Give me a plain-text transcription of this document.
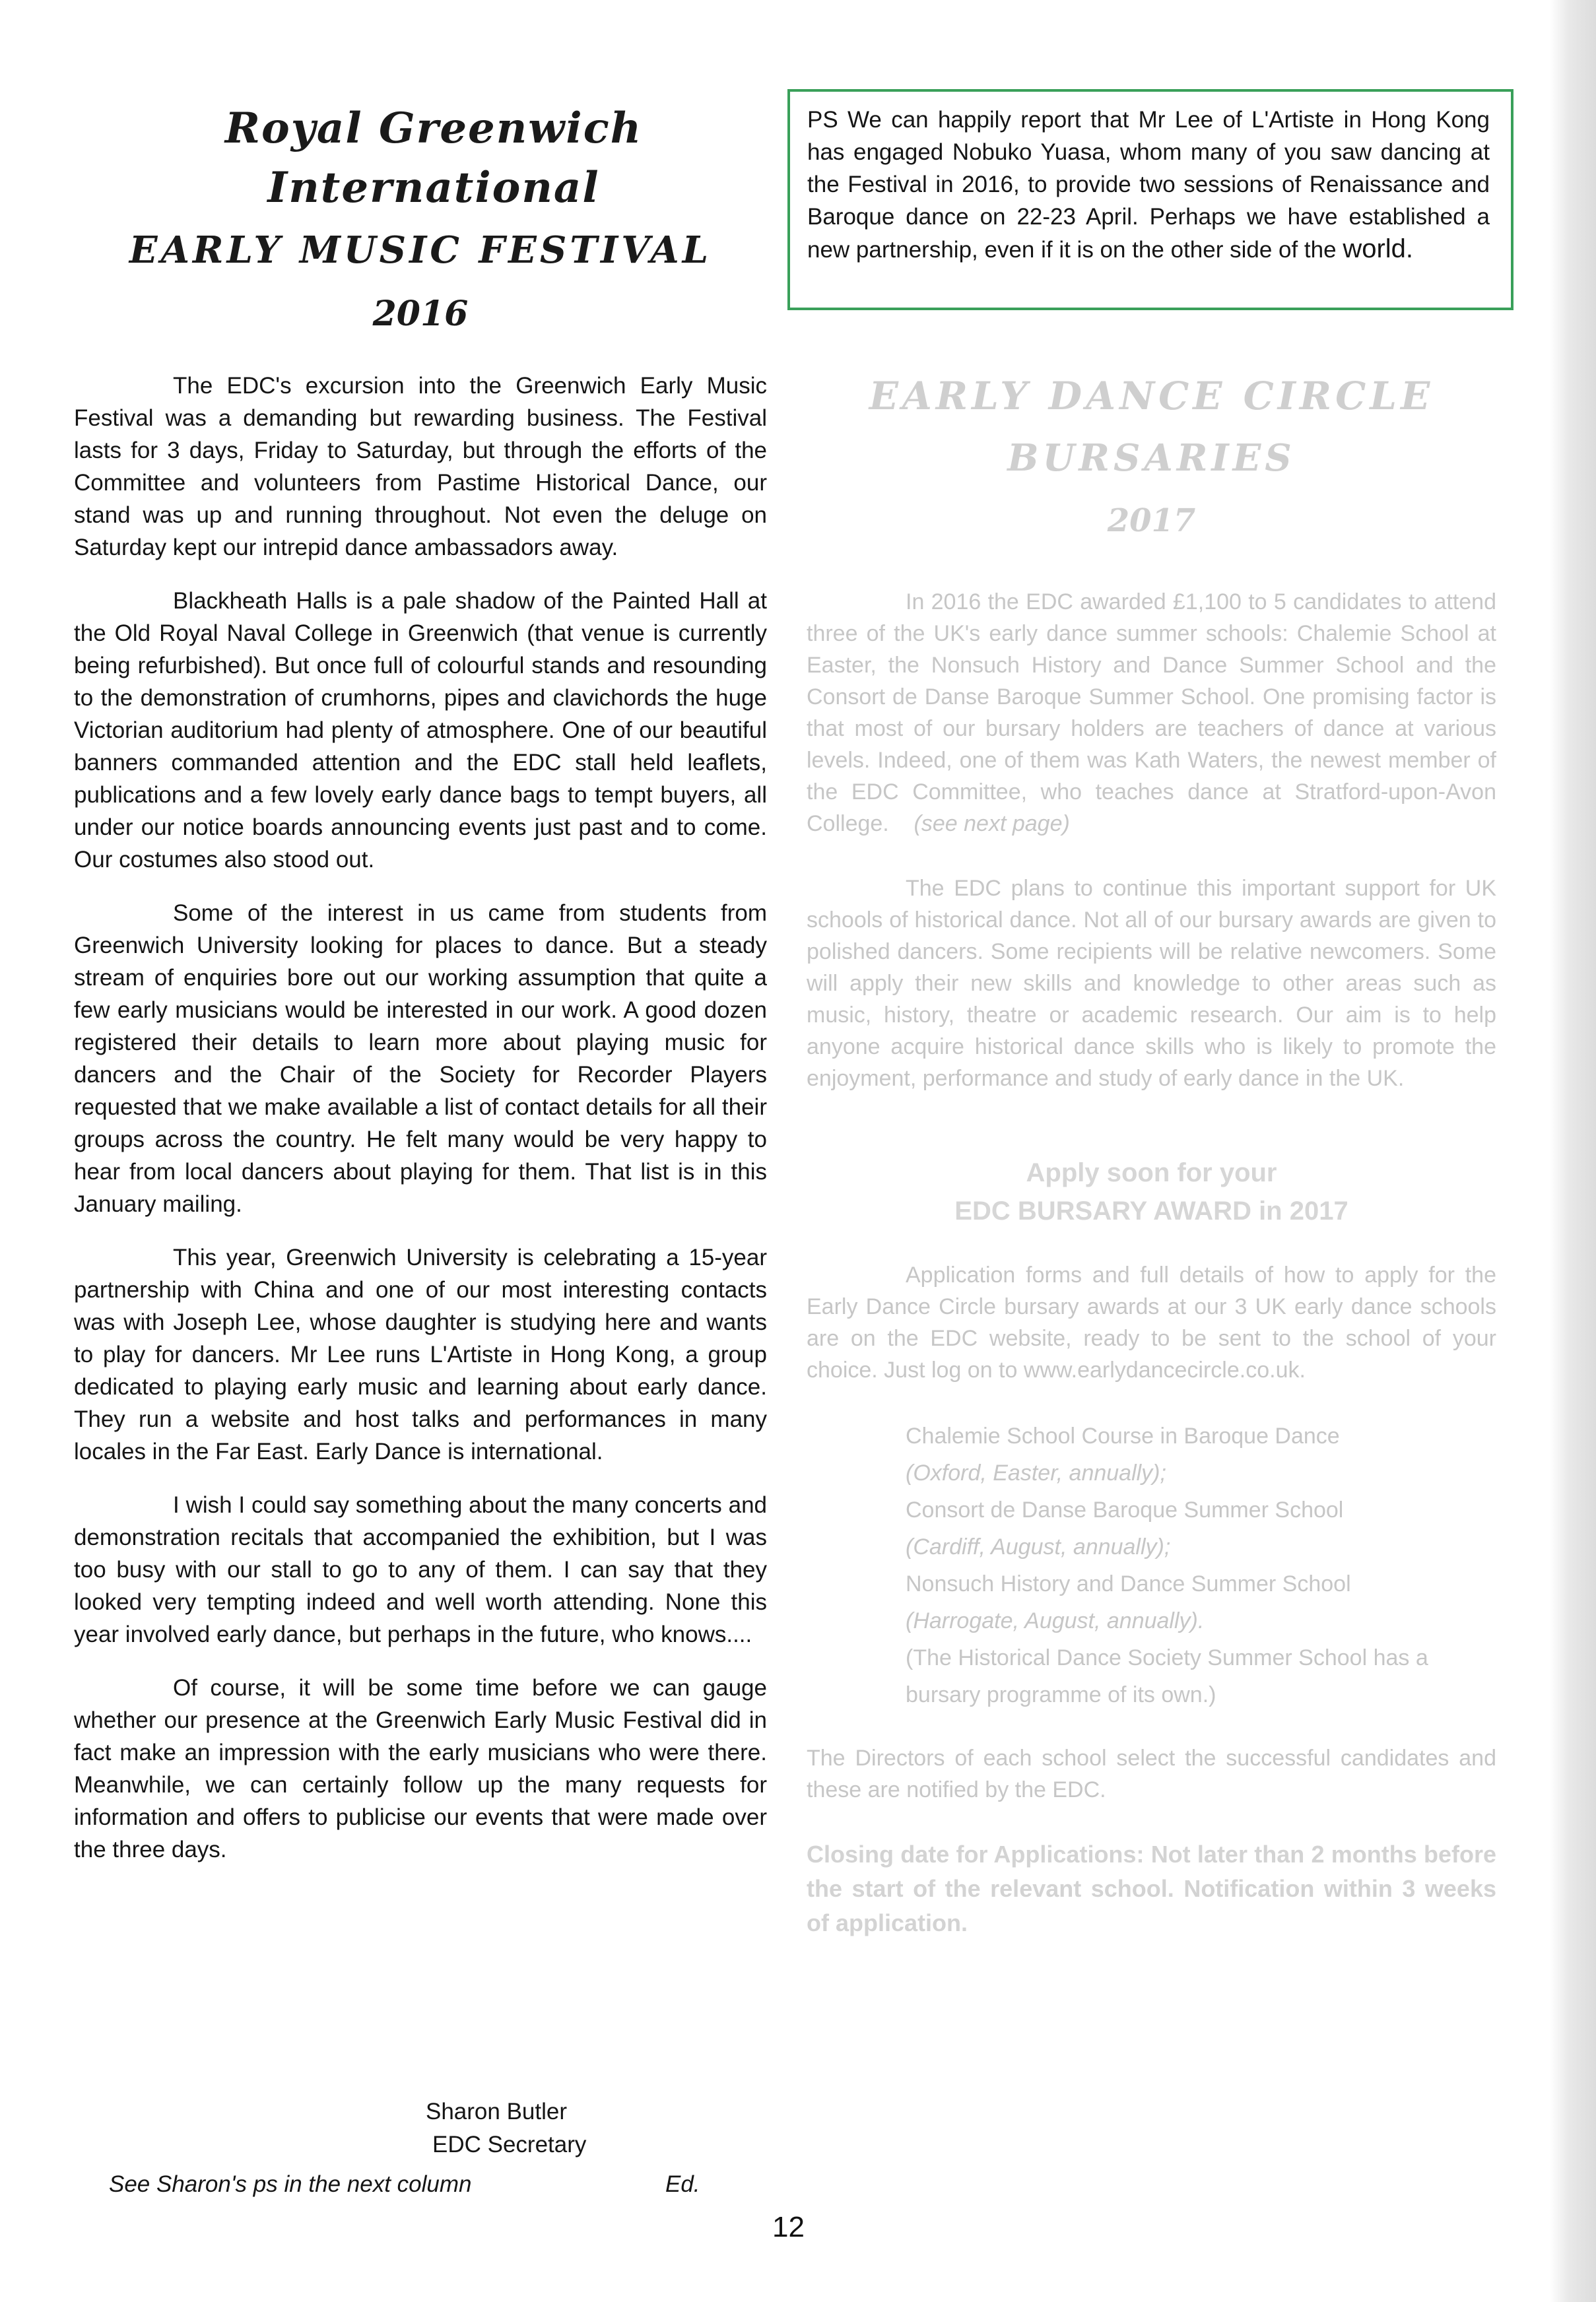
Royal Greenwich International
EARLY MUSIC FESTIVAL
2016

The EDC's excursion into the Greenwich Early Music Festival was a demanding but rewarding business. The Festival lasts for 3 days, Friday to Saturday, but through the efforts of the Committee and volunteers from Pastime Historical Dance, our stand was up and running throughout. Not even the deluge on Saturday kept our intrepid dance ambassadors away.

Blackheath Halls is a pale shadow of the Painted Hall at the Old Royal Naval College in Greenwich (that venue is currently being refurbished). But once full of colourful stands and resounding to the demonstration of crumhorns, pipes and clavichords the huge Victorian auditorium had plenty of atmosphere. One of our beautiful banners commanded attention and the EDC stall held leaflets, publications and a few lovely early dance bags to tempt buyers, all under our notice boards announcing events just past and to come. Our costumes also stood out.

Some of the interest in us came from students from Greenwich University looking for places to dance. But a steady stream of enquiries bore out our working assumption that quite a few early musicians would be interested in our work. A good dozen registered their details to learn more about playing music for dancers and the Chair of the Society for Recorder Players requested that we make available a list of contact details for all their groups across the country. He felt many would be very happy to hear from local dancers about playing for them. That list is in this January mailing.

This year, Greenwich University is celebrating a 15-year partnership with China and one of our most interesting contacts was with Joseph Lee, whose daughter is studying here and wants to play for dancers. Mr Lee runs L'Artiste in Hong Kong, a group dedicated to playing early music and learning about early dance. They run a website and host talks and performances in many locales in the Far East. Early Dance is international.

I wish I could say something about the many concerts and demonstration recitals that accompanied the exhibition, but I was too busy with our stall to go to any of them. I can say that they looked very tempting indeed and well worth attending. None this year involved early dance, but perhaps in the future, who knows....

Of course, it will be some time before we can gauge whether our presence at the Greenwich Early Music Festival did in fact make an impression with the early musicians who were there. Meanwhile, we can certainly follow up the many requests for information and offers to publicise our events that were made over the three days.

Sharon Butler
EDC Secretary
See Sharon's ps in the next column	Ed.
PS We can happily report that Mr Lee of L'Artiste in Hong Kong has engaged Nobuko Yuasa, whom many of you saw dancing at the Festival in 2016, to provide two sessions of Renaissance and Baroque dance on 22-23 April. Perhaps we have established a new partnership, even if it is on the other side of the world.
EARLY DANCE CIRCLE
BURSARIES
2017

In 2016 the EDC awarded £1,100 to 5 candidates to attend three of the UK's early dance summer schools: Chalemie School at Easter, the Nonsuch History and Dance Summer School and the Consort de Danse Baroque Summer School. One promising factor is that most of our bursary holders are teachers of dance at various levels. Indeed, one of them was Kath Waters, the newest member of the EDC Committee, who teaches dance at Stratford-upon-Avon College. (see next page)

The EDC plans to continue this important support for UK schools of historical dance. Not all of our bursary awards are given to polished dancers. Some recipients will be relative newcomers. Some will apply their new skills and knowledge to other areas such as music, history, theatre or academic research. Our aim is to help anyone acquire historical dance skills who is likely to promote the enjoyment, performance and study of early dance in the UK.

Apply soon for your
EDC BURSARY AWARD in 2017

Application forms and full details of how to apply for the Early Dance Circle bursary awards at our 3 UK early dance schools are on the EDC website, ready to be sent to the school of your choice. Just log on to www.earlydancecircle.co.uk.

Chalemie School Course in Baroque Dance
(Oxford, Easter, annually);
Consort de Danse Baroque Summer School
(Cardiff, August, annually);
Nonsuch History and Dance Summer School
(Harrogate, August, annually).
(The Historical Dance Society Summer School has a bursary programme of its own.)

The Directors of each school select the successful candidates and these are notified by the EDC.

Closing date for Applications: Not later than 2 months before the start of the relevant school. Notification within 3 weeks of application.
12
